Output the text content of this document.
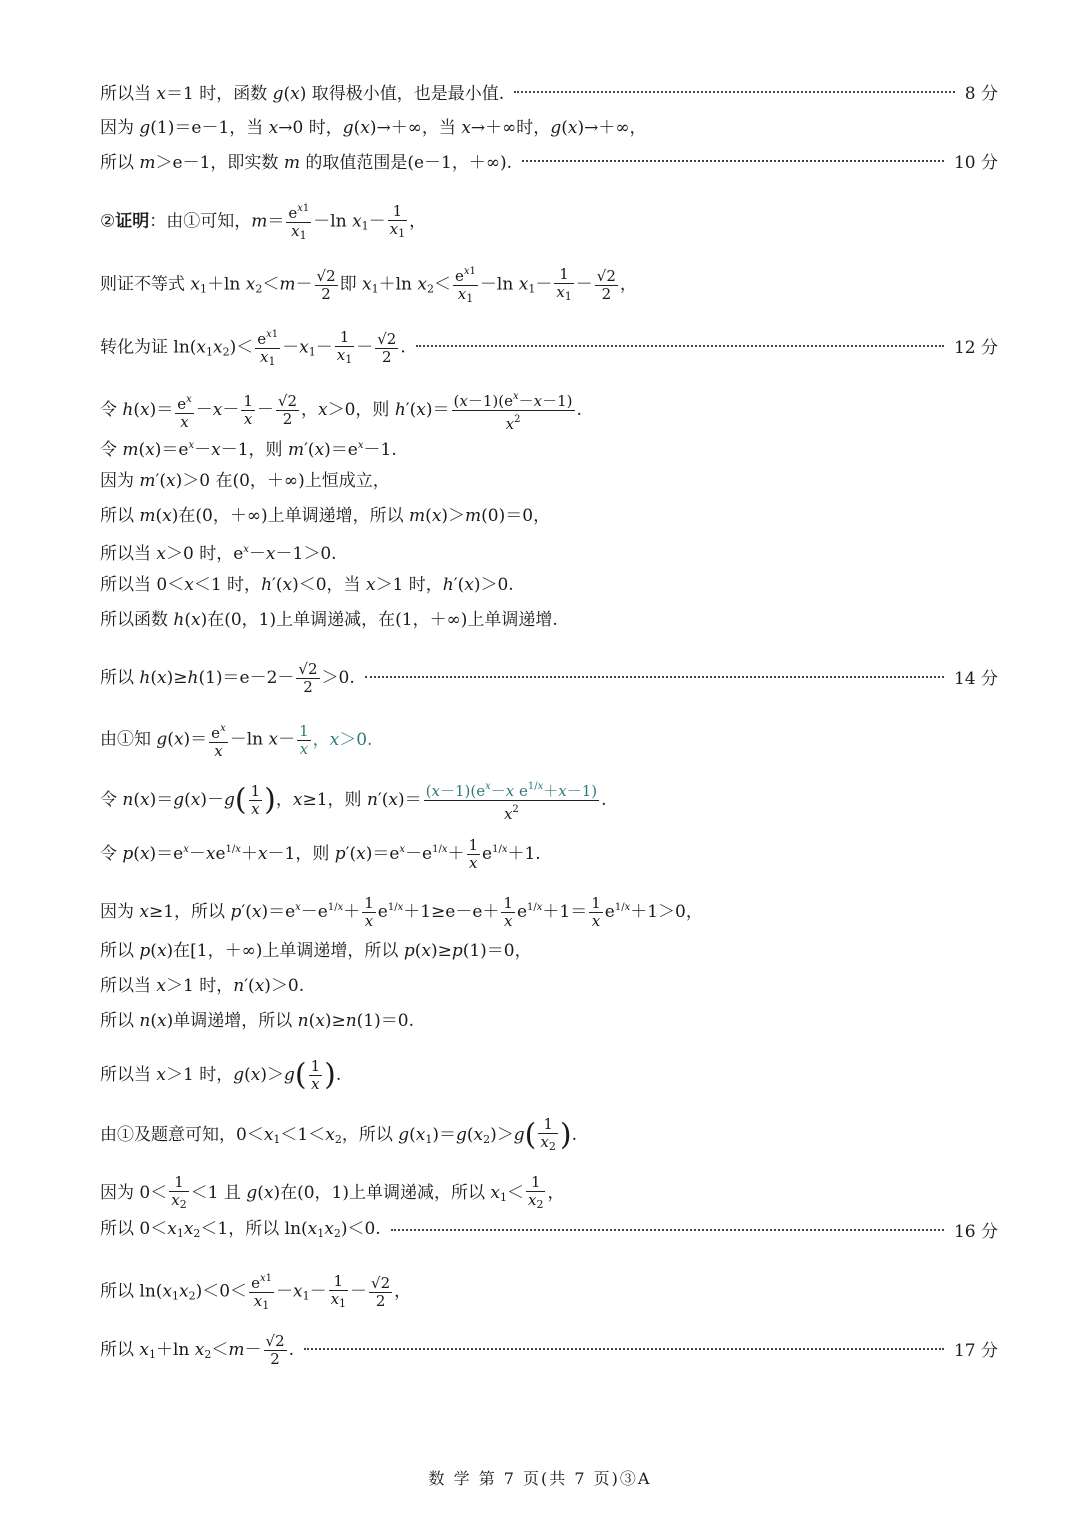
所以当 x＝1 时，函数 g(x) 取得极小值，也是最小值.	8 分
因为 g(1)＝e－1，当 x→0 时，g(x)→＋∞，当 x→＋∞时，g(x)→＋∞，
所以 m＞e－1，即实数 m 的取值范围是(e－1，＋∞).	10 分
②证明：由①可知，$m= \frac{e^{x1}}{x_1} -\ln$ $x_1- \frac{1}{x_1}$ ，
则证不等式 $x_1+\ln$ $x_2<m- \frac{√2}{2}$ 即 $x_1+\ln$ $x_2< \frac{e^{x1}}{x_1} -\ln$ $x_1- \frac{1}{x_1} - \frac{√2}{2}$ ，
转化为证 $\ln(x_1x_2)< \frac{e^{x1}}{x_1} -x_1- \frac{1}{x_1} - \frac{√2}{2}$ .	12 分
令 $h(x)= \frac{e^x}{x} -x- \frac{1}{x} - \frac{√2}{2}$ ，x＞0，则 $h'(x)= \frac{(x-1)(e^x-x-1)}{x^2}$ .
令 $m(x)=e^x-x-1$，则 $m'(x)=e^x-1$.
因为 m′(x)＞0 在(0，＋∞)上恒成立，
所以 m(x)在(0，＋∞)上单调递增，所以 m(x)＞m(0)＝0，
所以当 x＞0 时，$e^x-x-1>0$.
所以当 0＜x＜1 时，h′(x)＜0，当 x＞1 时，h′(x)＞0.
所以函数 h(x)在(0，1)上单调递减，在(1，＋∞)上单调递增.
所以 $h(x)\ge h(1)=e-2- \frac{√2}{2} >0$.	14 分
由①知 $g(x)= \frac{e^x}{x} -\ln$ $x- \frac{1}{x}$ ，x＞0.
令 $n(x)=g(x)-g( \frac{1}{x}$ )，x≥1，则 $n'(x)= \frac{(x-1)(e^x-x e^{1/x}+x-1)}{x^2}$ .
令 $p(x)=e^x-xe^{1/x}+x-1$，则 $p'(x)=e^x-e^{1/x}+ \frac{1}{x} e^{1/x}+1$.
因为 x≥1，所以 $p'(x)=e^x-e^{1/x}+ \frac{1}{x} e^{1/x}+1\ge e-e+ \frac{1}{x} e^{1/x}+1= \frac{1}{x} e^{1/x}+1>0$，
所以 p(x)在[1，＋∞)上单调递增，所以 p(x)≥p(1)＝0，
所以当 x＞1 时，n′(x)＞0.
所以 n(x)单调递增，所以 n(x)≥n(1)＝0.
所以当 x＞1 时，$g(x)>g( \frac{1}{x}$ ).
由①及题意可知，$0<x_1<1<x_2$，所以 $g(x_1)=g(x_2)>g( \frac{1}{x_2}$ ).
因为 $0< \frac{1}{x_2} <1$ 且 g(x)在(0，1)上单调递减，所以 $x_1< \frac{1}{x_2}$ ，
所以 $0<x_1x_2<1$，所以 $\ln(x_1x_2)<0$.	16 分
所以 $\ln(x_1x_2)<0< \frac{e^{x1}}{x_1} -x_1- \frac{1}{x_1} - \frac{√2}{2}$ ，
所以 $x_1+\ln$ $x_2<m- \frac{√2}{2}$ .	17 分
数 学 第 7 页(共 7 页)③A
